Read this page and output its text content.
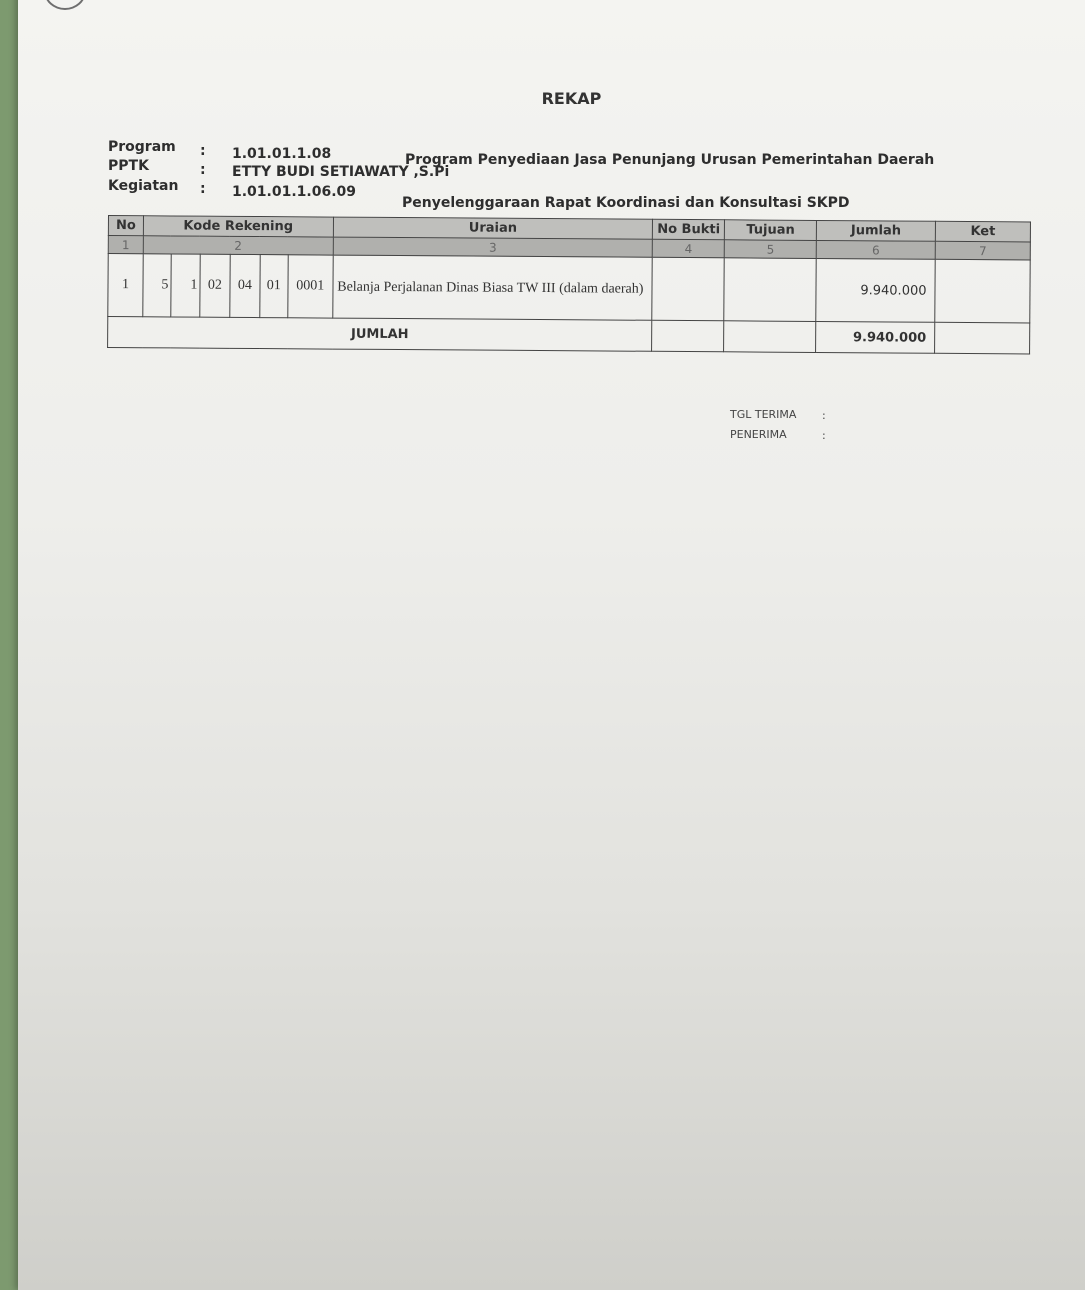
REKAP
Program : 1.01.01.1.08	Program Penyediaan Jasa Penunjang Urusan Pemerintahan Daerah
PPTK	: ETTY BUDI SETIAWATY ,S.Pi
Kegiatan : 1.01.01.1.06.09
Penyelenggaraan Rapat Koordinasi dan Konsultasi SKPD
No	Kode Rekening						Uraian	No Bukti	Tujuan	Jumlah	Ket
1	2						3	4	5	6	7
1	5	1	02	04	01	0001	Belanja Perjalanan Dinas Biasa TW III (dalam daerah)			9.940.000	
JUMLAH										9.940.000	
TGL TERIMA :
PENERIMA	:
